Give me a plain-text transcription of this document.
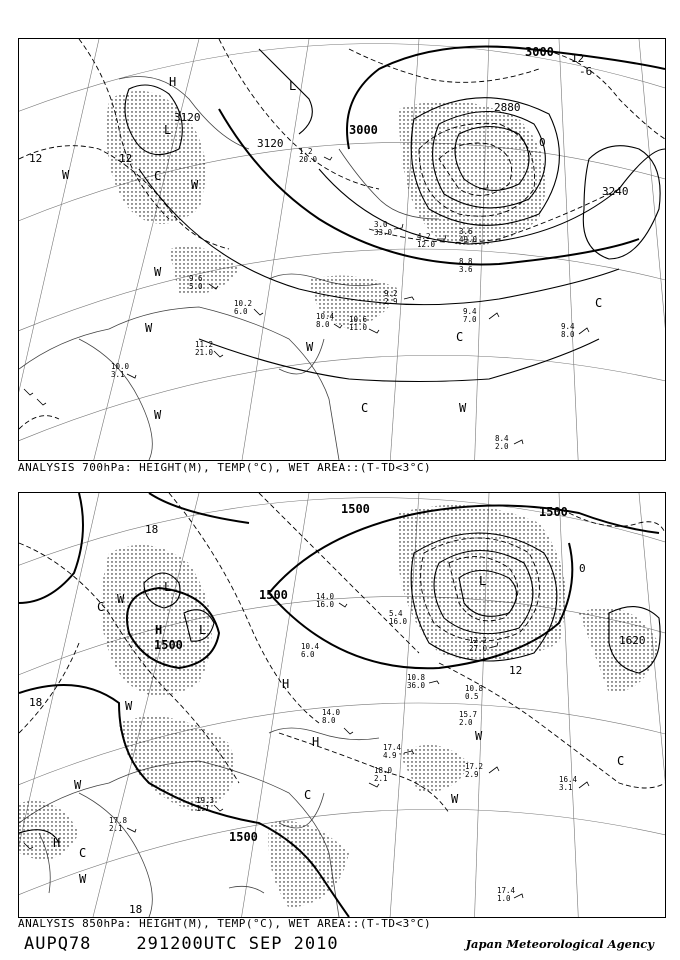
3000
2880
3000
3120
3120
3240
12	12
12
-6
0
L
L
H
W
W
W
W
W
W	W
C
C
C
C
1.2
20.0
3.0
33.0	4.2
12.0
9.6
5.0
10.2
6.0
10.4
8.0
9.2
2.9
10.6
11.0
9.4
7.0
9.4
8.0
11.2
21.0
10.0
3.1
8.4
2.0
3.6
49.0
8.8
3.6
ANALYSIS 700hPa: HEIGHT(M), TEMP(°C), WET AREA::(T-TD<3°C)
1500	1500
1500
1500
1500
1620
18
18
18
12
0
L
L
L
H
H
H
H
W
W
W
W
W
W
C
C
C
C
14.0
16.0
5.4
16.0
10.8
36.0
10.4
6.0
14.0
8.0
17.4
4.9
18.0
2.1
17.2
2.9
16.4
3.1
17.4
1.0
15.7
2.0
19.3
1.1
17.8
2.1
12.2
27.0
10.8
0.5
ANALYSIS 850hPa: HEIGHT(M), TEMP(°C), WET AREA::(T-TD<3°C)
AUPQ78	291200UTC SEP 2010	Japan Meteorological Agency
